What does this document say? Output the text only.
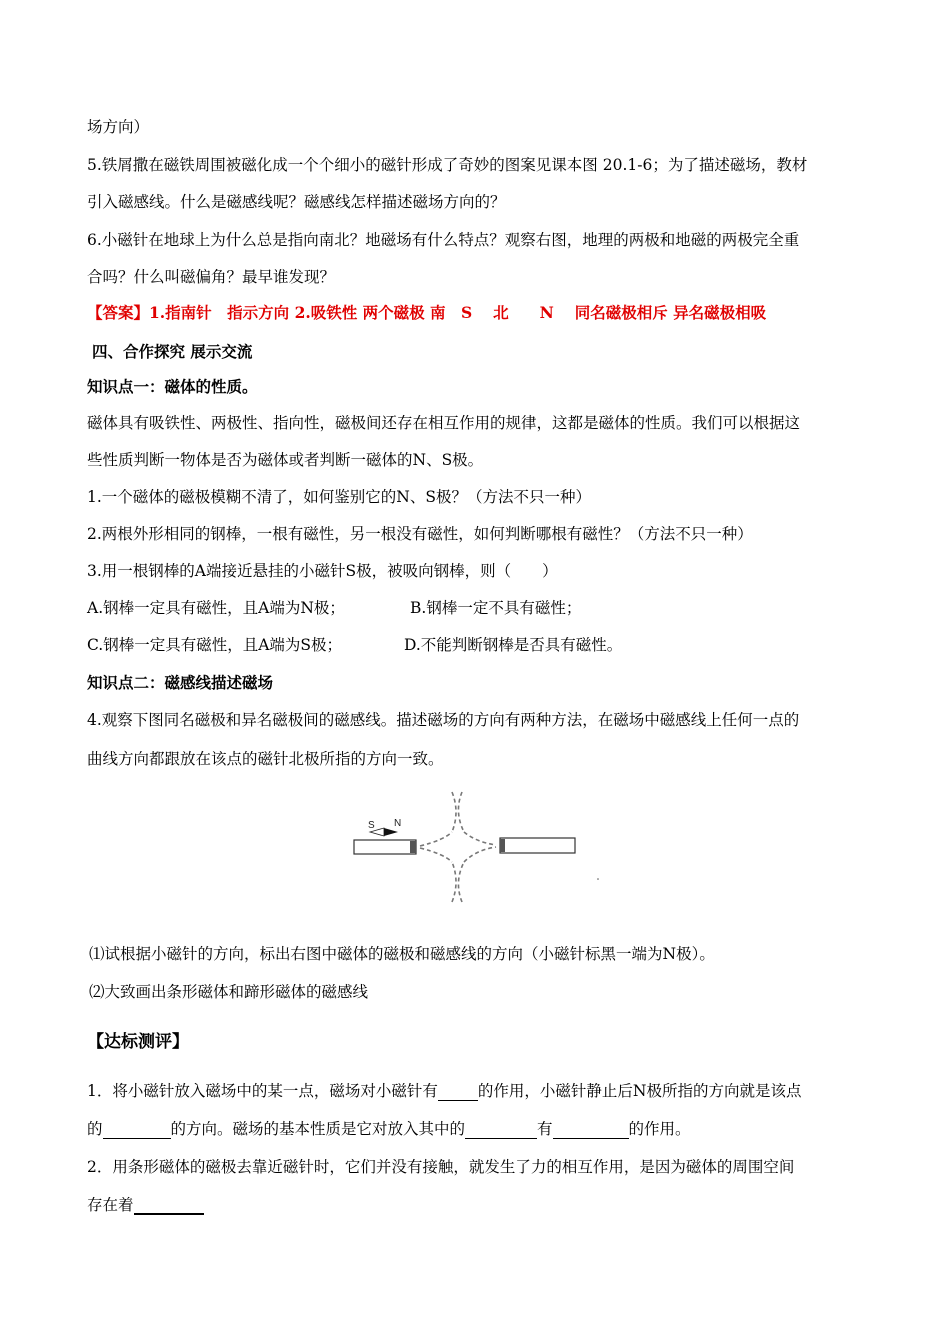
场方向）
5.铁屑撒在磁铁周围被磁化成一个个细小的磁针形成了奇妙的图案见课本图 20.1-6；为了描述磁场，教材
引入磁感线。什么是磁感线呢？磁感线怎样描述磁场方向的？
6.小磁针在地球上为什么总是指向南北？地磁场有什么特点？观察右图，地理的两极和地磁的两极完全重
合吗？什么叫磁偏角？最早谁发现？
【答案】1.指南针　指示方向 2.吸铁性 两个磁极 南　S　 北　　N　 同名磁极相斥 异名磁极相吸
四、合作探究 展示交流
知识点一：磁体的性质。
磁体具有吸铁性、两极性、指向性，磁极间还存在相互作用的规律，这都是磁体的性质。我们可以根据这
些性质判断一物体是否为磁体或者判断一磁体的N、S极。
1.一个磁体的磁极模糊不清了，如何鉴别它的N、S极？（方法不只一种）
2.两根外形相同的钢棒，一根有磁性，另一根没有磁性，如何判断哪根有磁性？（方法不只一种）
3.用一根钢棒的A端接近悬挂的小磁针S极，被吸向钢棒，则（　　）
A.钢棒一定具有磁性，且A端为N极；	B.钢棒一定不具有磁性；
C.钢棒一定具有磁性，且A端为S极；	D.不能判断钢棒是否具有磁性。
知识点二：磁感线描述磁场
4.观察下图同名磁极和异名磁极间的磁感线。描述磁场的方向有两种方法，在磁场中磁感线上任何一点的
曲线方向都跟放在该点的磁针北极所指的方向一致。
S N
⑴试根据小磁针的方向，标出右图中磁体的磁极和磁感线的方向（小磁针标黑一端为N极）。
⑵大致画出条形磁体和蹄形磁体的磁感线
【达标测评】
1．将小磁针放入磁场中的某一点，磁场对小磁针有	的作用，小磁针静止后N极所指的方向就是该点
的	的方向。磁场的基本性质是它对放入其中的	有	的作用。
2．用条形磁体的磁极去靠近磁针时，它们并没有接触，就发生了力的相互作用，是因为磁体的周围空间
存在着
